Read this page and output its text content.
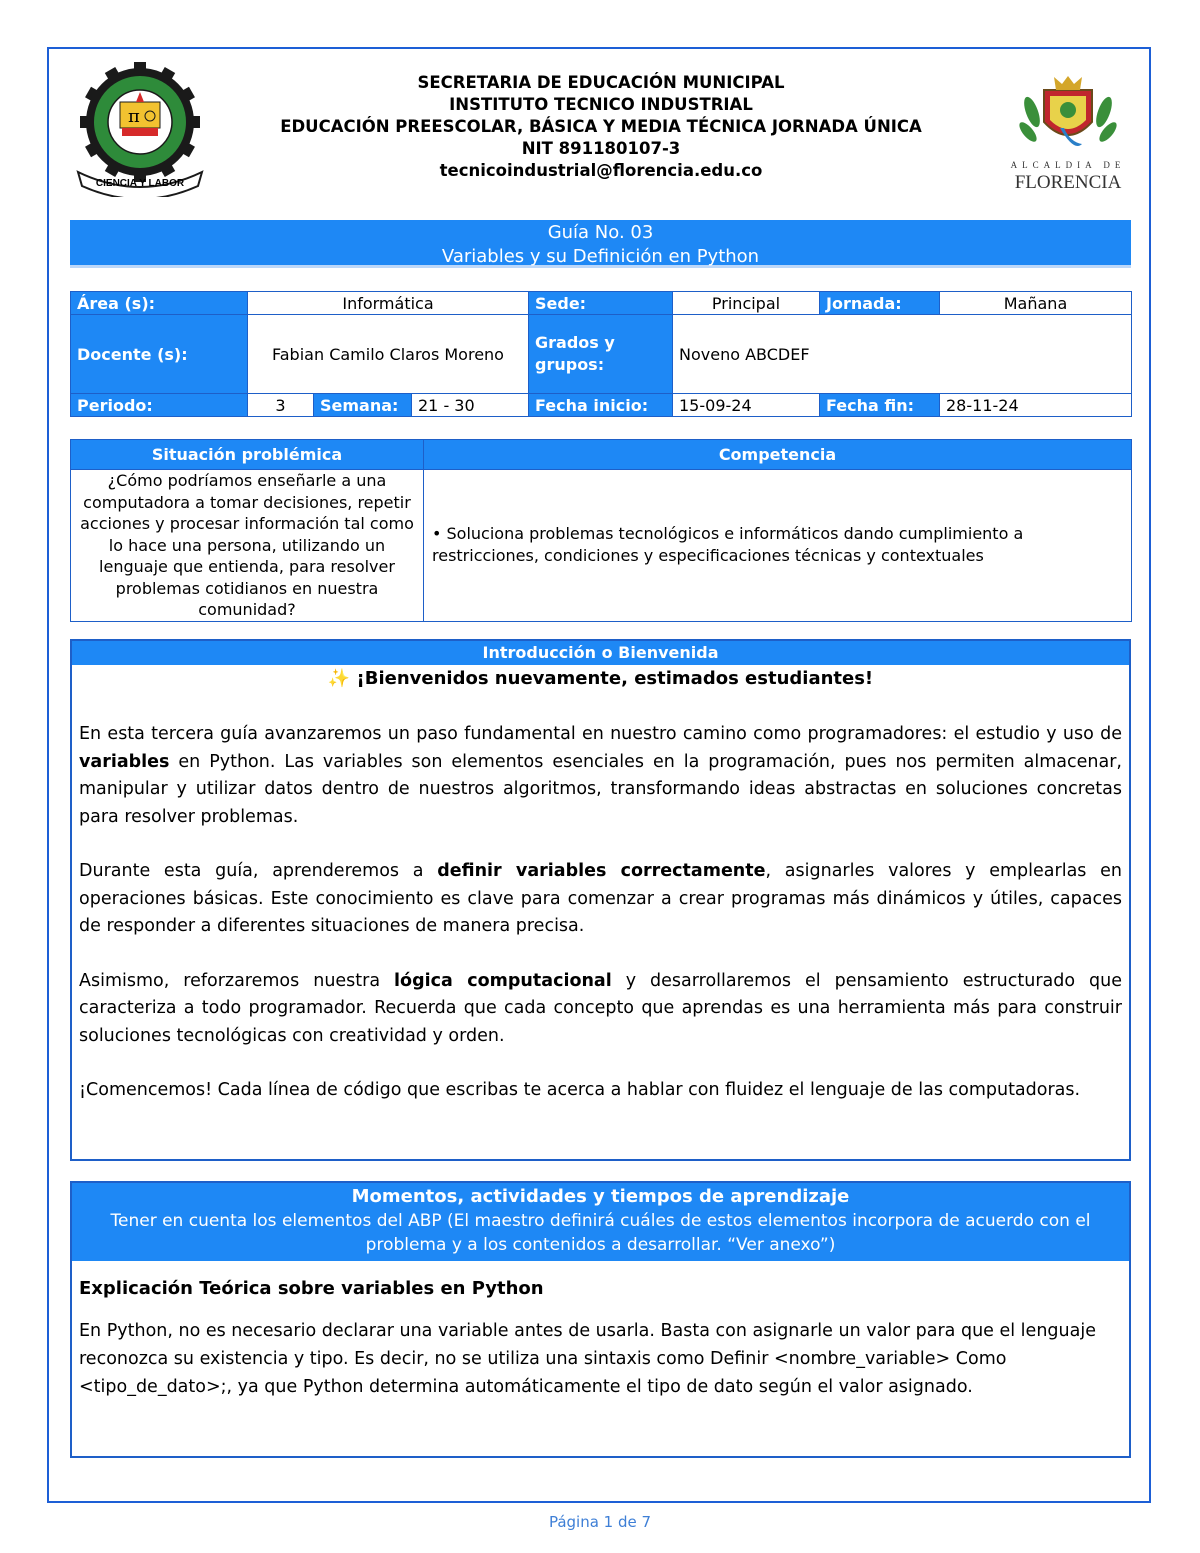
π
CIENCIA Y LABOR
SECRETARIA DE EDUCACIÓN MUNICIPAL
INSTITUTO TECNICO INDUSTRIAL
EDUCACIÓN PREESCOLAR, BÁSICA Y MEDIA TÉCNICA JORNADA ÚNICA
NIT 891180107-3
tecnicoindustrial@florencia.edu.co	ALCALDIA DE
FLORENCIA
Guía No. 03
Variables y su Definición en Python
Área (s):	Informática			Sede:	Principal	Jornada:	Mañana
Docente (s):	Fabian Camilo Claros Moreno			Grados y grupos:	Noveno ABCDEF		
Periodo:	3	Semana:	21 - 30	Fecha inicio:	15-09-24	Fecha fin:	28-11-24
Situación problémica	Competencia
¿Cómo podríamos enseñarle a una computadora a tomar decisiones, repetir acciones y procesar información tal como lo hace una persona, utilizando un lenguaje que entienda, para resolver problemas cotidianos en nuestra comunidad?	• Soluciona problemas tecnológicos e informáticos dando cumplimiento a restricciones, condiciones y especificaciones técnicas y contextuales
Introducción o Bienvenida
✨ ¡Bienvenidos nuevamente, estimados estudiantes!

En esta tercera guía avanzaremos un paso fundamental en nuestro camino como programadores: el estudio y uso de variables en Python. Las variables son elementos esenciales en la programación, pues nos permiten almacenar, manipular y utilizar datos dentro de nuestros algoritmos, transformando ideas abstractas en soluciones concretas para resolver problemas.

Durante esta guía, aprenderemos a definir variables correctamente, asignarles valores y emplearlas en operaciones básicas. Este conocimiento es clave para comenzar a crear programas más dinámicos y útiles, capaces de responder a diferentes situaciones de manera precisa.

Asimismo, reforzaremos nuestra lógica computacional y desarrollaremos el pensamiento estructurado que caracteriza a todo programador. Recuerda que cada concepto que aprendas es una herramienta más para construir soluciones tecnológicas con creatividad y orden.

¡Comencemos! Cada línea de código que escribas te acerca a hablar con fluidez el lenguaje de las computadoras.

Momentos, actividades y tiempos de aprendizaje
Tener en cuenta los elementos del ABP (El maestro definirá cuáles de estos elementos incorpora de acuerdo con el problema y a los contenidos a desarrollar. “Ver anexo”)
Explicación Teórica sobre variables en Python
En Python, no es necesario declarar una variable antes de usarla. Basta con asignarle un valor para que el lenguaje reconozca su existencia y tipo. Es decir, no se utiliza una sintaxis como Definir <nombre_variable> Como <tipo_de_dato>;, ya que Python determina automáticamente el tipo de dato según el valor asignado.
Página 1 de 7
